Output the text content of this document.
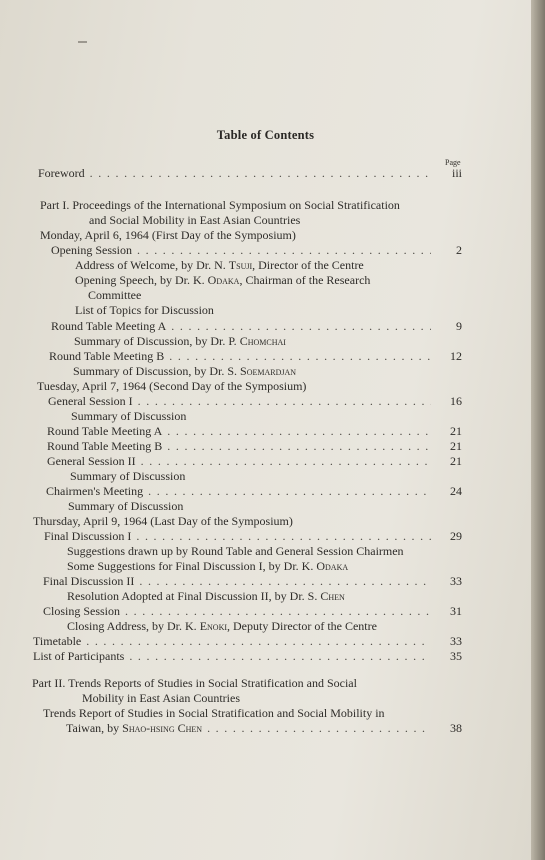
Table of Contents
Page
Foreword . . .	iii
Part I. Proceedings of the International Symposium on Social Stratification
and Social Mobility in East Asian Countries
Monday, April 6, 1964 (First Day of the Symposium)
Opening Session . . .	2
Address of Welcome, by Dr. N. Tsuji, Director of the Centre
Opening Speech, by Dr. K. Odaka, Chairman of the Research
Committee
List of Topics for Discussion
Round Table Meeting A . . .	9
Summary of Discussion, by Dr. P. Chomchai
Round Table Meeting B . . .	12
Summary of Discussion, by Dr. S. Soemardjan
Tuesday, April 7, 1964 (Second Day of the Symposium)
General Session I . . .	16
Summary of Discussion
Round Table Meeting A . . .	21
Round Table Meeting B . . .	21
General Session II . . .	21
Summary of Discussion
Chairmen's Meeting . . .	24
Summary of Discussion
Thursday, April 9, 1964 (Last Day of the Symposium)
Final Discussion I . . .	29
Suggestions drawn up by Round Table and General Session Chairmen
Some Suggestions for Final Discussion I, by Dr. K. Odaka
Final Discussion II . . .	33
Resolution Adopted at Final Discussion II, by Dr. S. Chen
Closing Session . . .	31
Closing Address, by Dr. K. Enoki, Deputy Director of the Centre
Timetable . . .	33
List of Participants . . .	35
Part II. Trends Reports of Studies in Social Stratification and Social
Mobility in East Asian Countries
Trends Report of Studies in Social Stratification and Social Mobility in
Taiwan, by Shao-hsing Chen . . .	38
